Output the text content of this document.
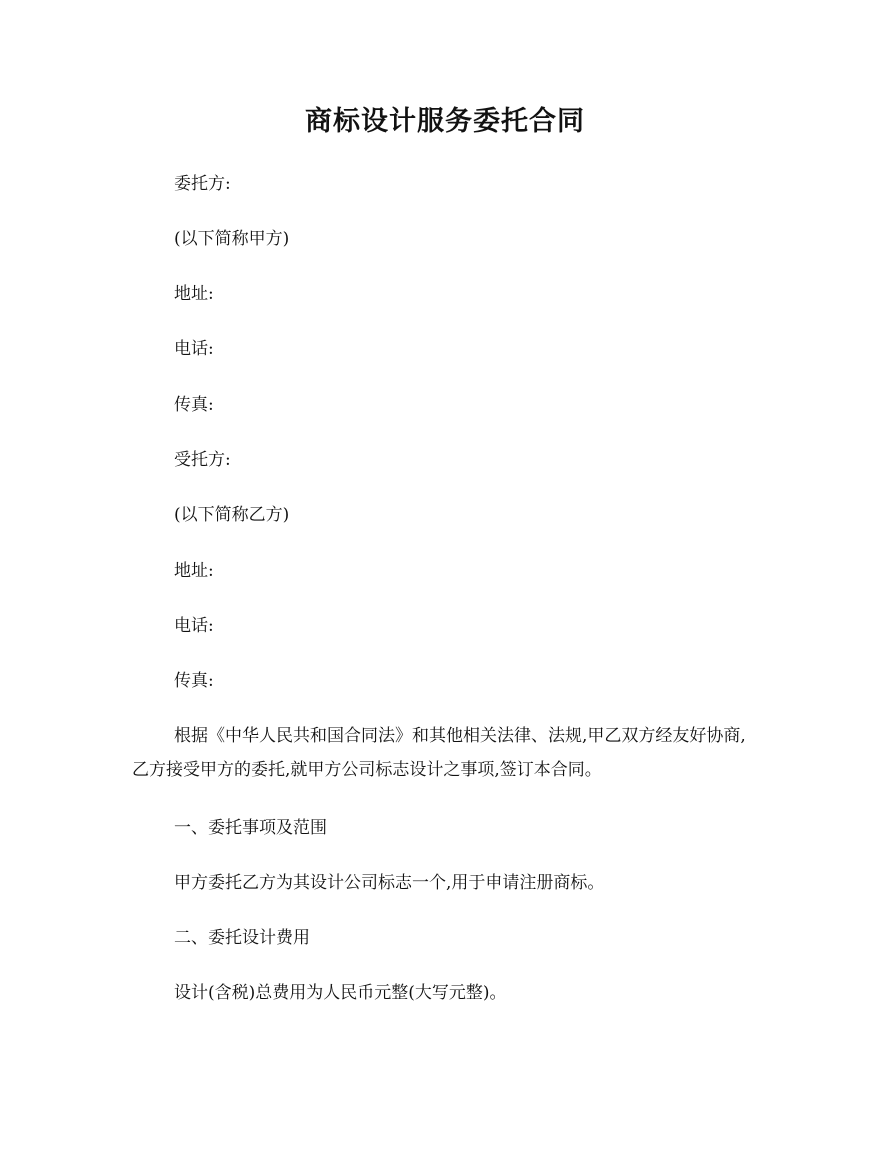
商标设计服务委托合同

委托方:

(以下简称甲方)

地址:

电话:

传真:

受托方:

(以下简称乙方)

地址:

电话:

传真:

根据《中华人民共和国合同法》和其他相关法律、法规,甲乙双方经友好协商,乙方接受甲方的委托,就甲方公司标志设计之事项,签订本合同。

一、委托事项及范围

甲方委托乙方为其设计公司标志一个,用于申请注册商标。

二、委托设计费用

设计(含税)总费用为人民币元整(大写元整)。
